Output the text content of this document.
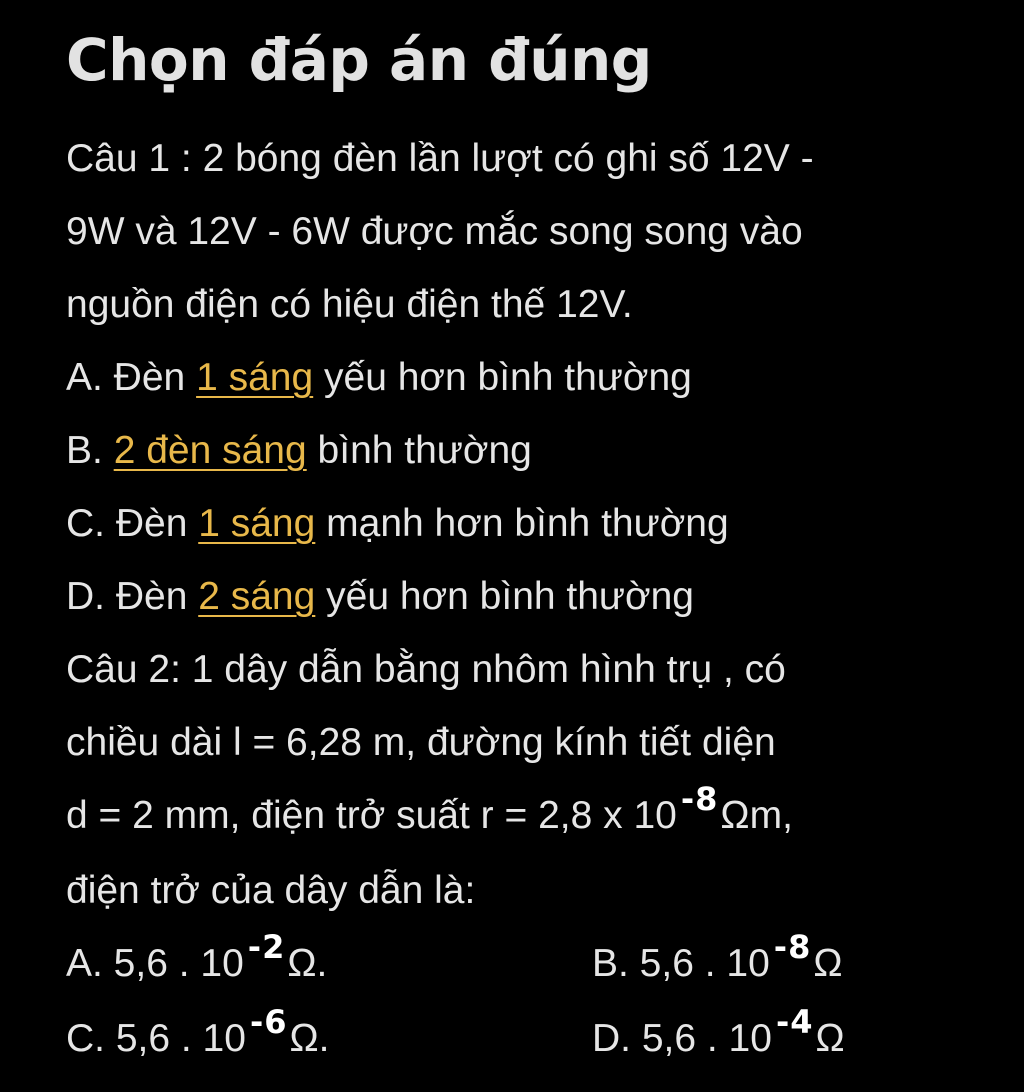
Chọn đáp án đúng
Câu 1 : 2 bóng đèn lần lượt có ghi số 12V -
9W và 12V - 6W được mắc song song vào
nguồn điện có hiệu điện thế 12V.
A. Đèn 1 sáng yếu hơn bình thường
B. 2 đèn sáng bình thường
C. Đèn 1 sáng mạnh hơn bình thường
D. Đèn 2 sáng yếu hơn bình thường
Câu 2: 1 dây dẫn bằng nhôm hình trụ , có
chiều dài l = 6,28 m, đường kính tiết diện
d = 2 mm, điện trở suất r = 2,8 x 10 $^{-8}$Ωm,
điện trở của dây dẫn là:
A. 5,6 . 10 $^{-2}$Ω.	B. 5,6 . 10 $^{-8}$Ω
C. 5,6 . 10 $^{-6}$Ω.	D. 5,6 . 10 $^{-4}$Ω
